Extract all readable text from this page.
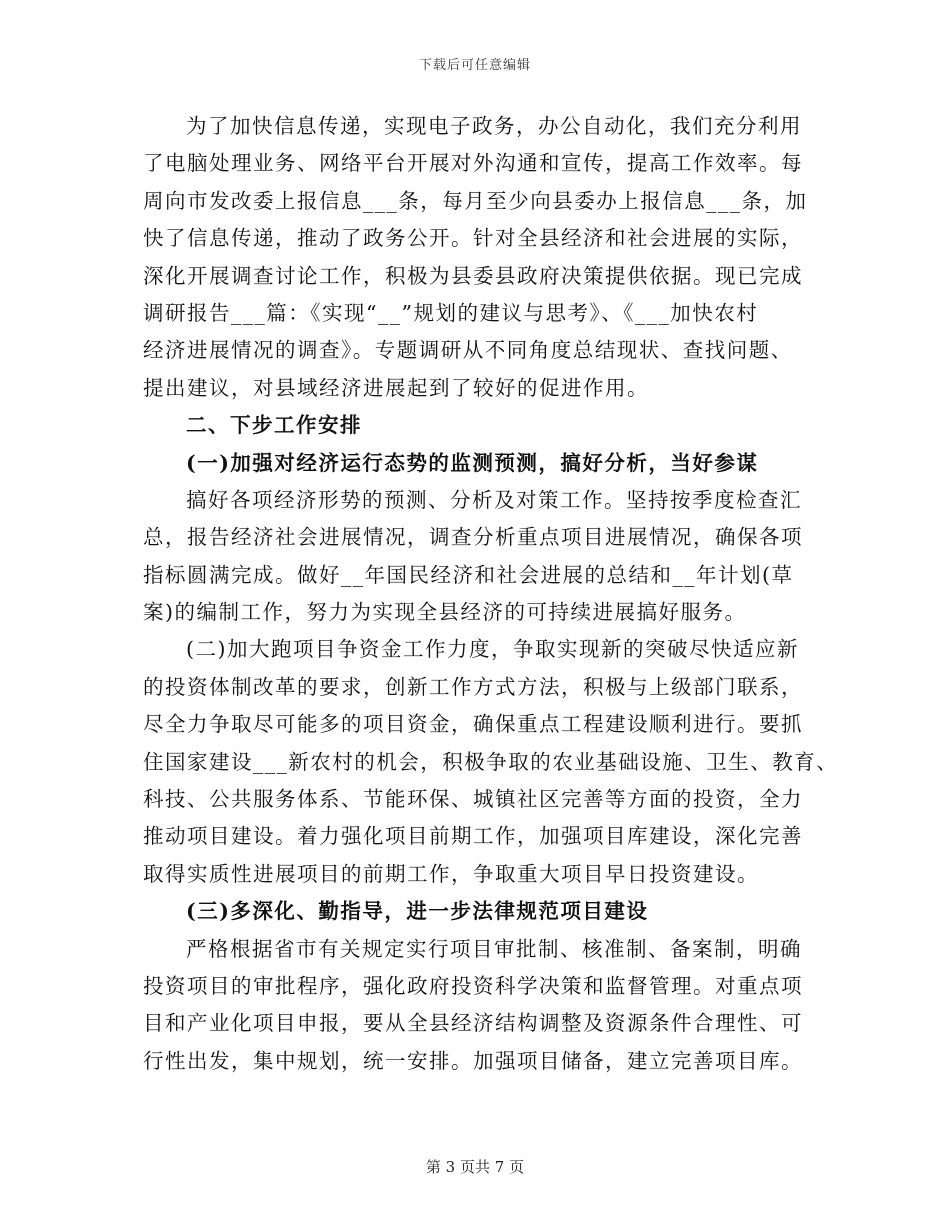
下载后可任意编辑
为了加快信息传递，实现电子政务，办公自动化，我们充分利用
了电脑处理业务、网络平台开展对外沟通和宣传，提高工作效率。每
周向市发改委上报信息___条，每月至少向县委办上报信息___条，加
快了信息传递，推动了政务公开。针对全县经济和社会进展的实际，
深化开展调查讨论工作，积极为县委县政府决策提供依据。现已完成
调研报告___篇：《实现“__”规划的建议与思考》、《___加快农村
经济进展情况的调查》。专题调研从不同角度总结现状、查找问题、
提出建议，对县域经济进展起到了较好的促进作用。
二、下步工作安排
(一)加强对经济运行态势的监测预测，搞好分析，当好参谋
搞好各项经济形势的预测、分析及对策工作。坚持按季度检查汇
总，报告经济社会进展情况，调查分析重点项目进展情况，确保各项
指标圆满完成。做好__年国民经济和社会进展的总结和__年计划(草
案)的编制工作，努力为实现全县经济的可持续进展搞好服务。
(二)加大跑项目争资金工作力度，争取实现新的突破尽快适应新
的投资体制改革的要求，创新工作方式方法，积极与上级部门联系，
尽全力争取尽可能多的项目资金，确保重点工程建设顺利进行。要抓
住国家建设___新农村的机会，积极争取的农业基础设施、卫生、教育、
科技、公共服务体系、节能环保、城镇社区完善等方面的投资，全力
推动项目建设。着力强化项目前期工作，加强项目库建设，深化完善
取得实质性进展项目的前期工作，争取重大项目早日投资建设。
(三)多深化、勤指导，进一步法律规范项目建设
严格根据省市有关规定实行项目审批制、核准制、备案制，明确
投资项目的审批程序，强化政府投资科学决策和监督管理。对重点项
目和产业化项目申报，要从全县经济结构调整及资源条件合理性、可
行性出发，集中规划，统一安排。加强项目储备，建立完善项目库。
第 3 页共 7 页
